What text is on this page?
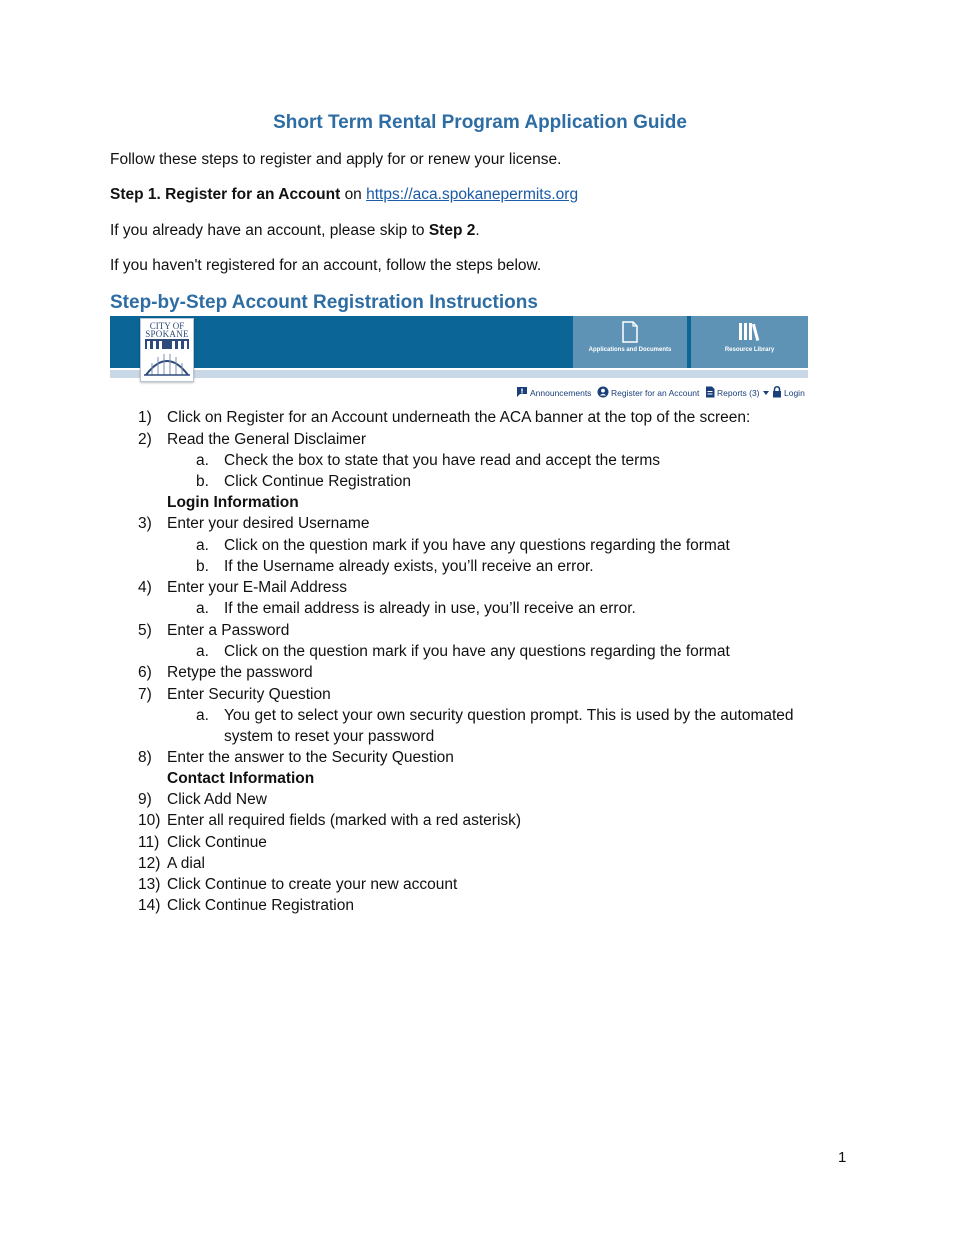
Short Term Rental Program Application Guide
Follow these steps to register and apply for or renew your license.
Step 1. Register for an Account on https://aca.spokanepermits.org
If you already have an account, please skip to Step 2.
If you haven't registered for an account, follow the steps below.
Step-by-Step Account Registration Instructions
CITY OF
SPOKANE
Applications and Documents	Resource Library
Announcements Register for an Account Reports (3)	Login
1) Click on Register for an Account underneath the ACA banner at the top of the screen:
2) Read the General Disclaimer
a. Check the box to state that you have read and accept the terms
b. Click Continue Registration
Login Information
3) Enter your desired Username
a. Click on the question mark if you have any questions regarding the format
b. If the Username already exists, you’ll receive an error.
4) Enter your E-Mail Address
a. If the email address is already in use, you’ll receive an error.
5) Enter a Password
a. Click on the question mark if you have any questions regarding the format
6) Retype the password
7) Enter Security Question
a. You get to select your own security question prompt. This is used by the automated
system to reset your password
8) Enter the answer to the Security Question
Contact Information
9) Click Add New
10) Enter all required fields (marked with a red asterisk)
11) Click Continue
12) A dial
13) Click Continue to create your new account
14) Click Continue Registration
1
